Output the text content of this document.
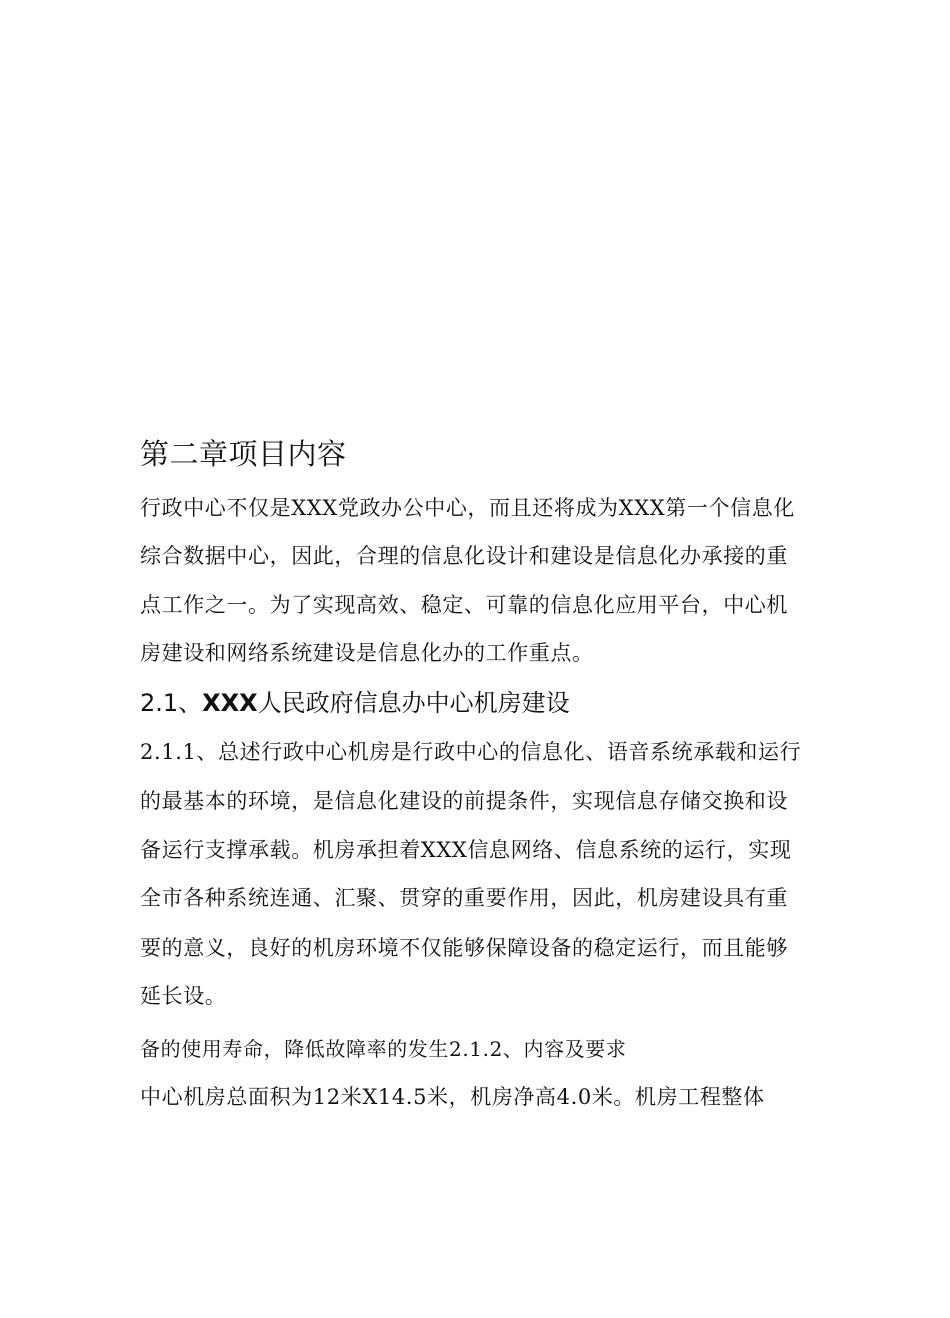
第二章项目内容
行政中心不仅是XXX党政办公中心，而且还将成为XXX第一个信息化
综合数据中心，因此，合理的信息化设计和建设是信息化办承接的重
点工作之一。为了实现高效、稳定、可靠的信息化应用平台，中心机
房建设和网络系统建设是信息化办的工作重点。
2.1、XXX人民政府信息办中心机房建设
2.1.1、总述行政中心机房是行政中心的信息化、语音系统承载和运行
的最基本的环境，是信息化建设的前提条件，实现信息存储交换和设
备运行支撑承载。机房承担着XXX信息网络、信息系统的运行，实现
全市各种系统连通、汇聚、贯穿的重要作用，因此，机房建设具有重
要的意义，良好的机房环境不仅能够保障设备的稳定运行，而且能够
延长设。
备的使用寿命，降低故障率的发生2.1.2、内容及要求
中心机房总面积为12米X14.5米，机房净高4.0米。机房工程整体
